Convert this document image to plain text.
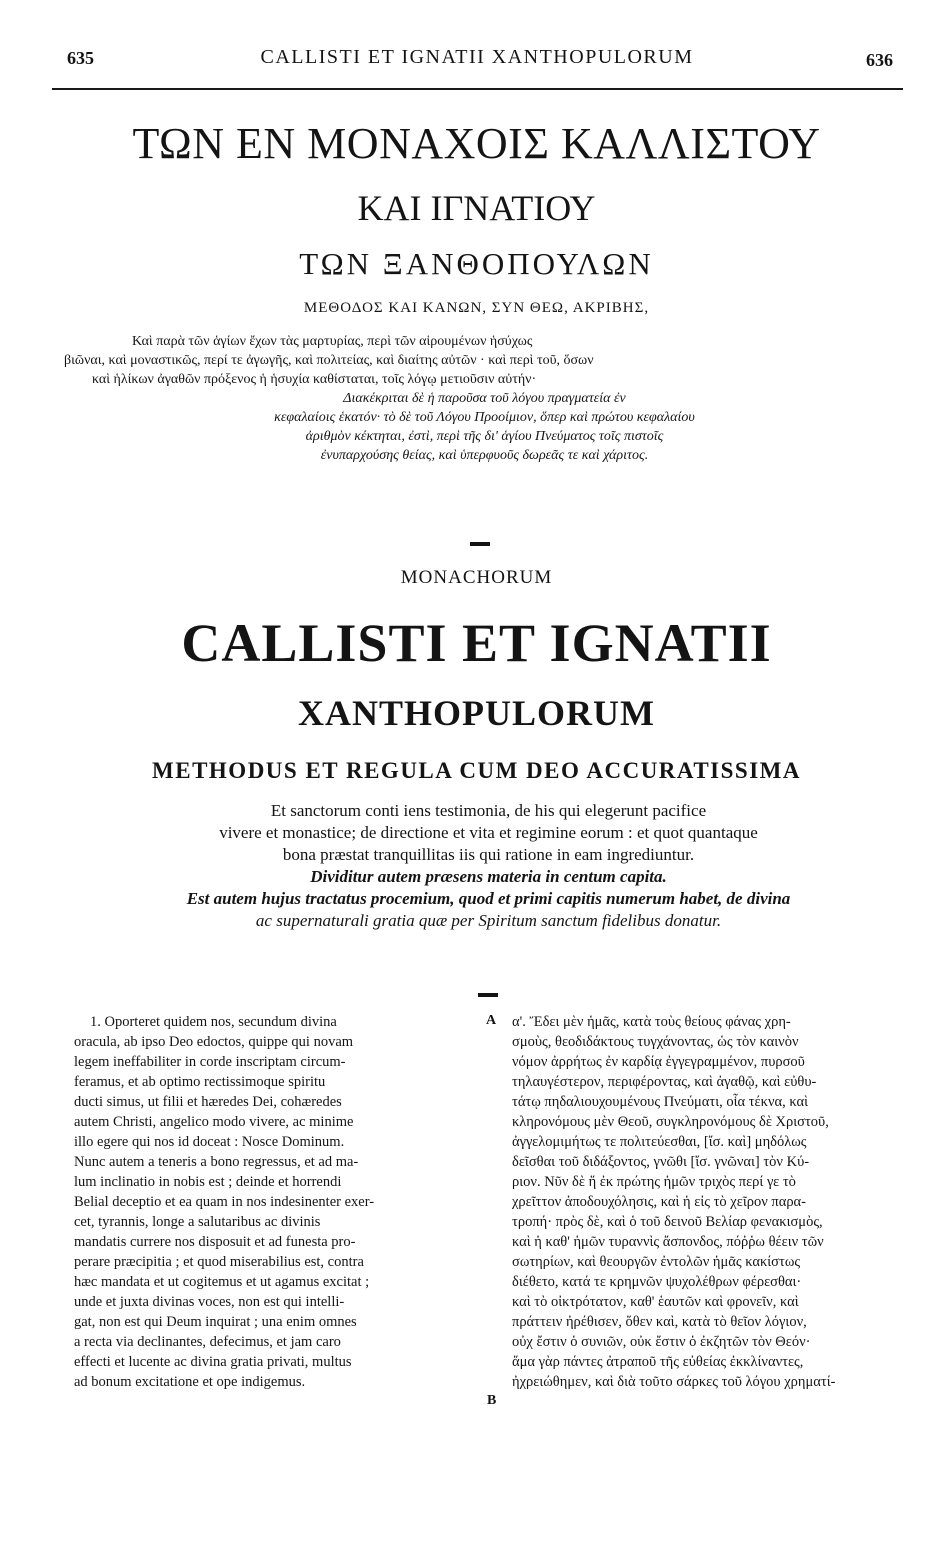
635	CALLISTI ET IGNATII XANTHOPULORUM	636
ΤΩΝ ΕΝ ΜΟΝΑΧΟΙΣ ΚΑΛΛΙΣΤΟΥ
ΚΑΙ ΙΓΝΑΤΙΟΥ
ΤΩΝ ΞΑΝΘΟΠΟΥΛΩΝ
ΜΕΘΟΔΟΣ ΚΑΙ ΚΑΝΩΝ, ΣΥΝ ΘΕΩ, ΑΚΡΙΒΗΣ,
Καὶ παρὰ τῶν ἁγίων ἔχων τὰς μαρτυρίας, περὶ τῶν αἱρουμένων ἡσύχως
βιῶναι, καὶ μοναστικῶς, περί τε ἀγωγῆς, καὶ πολιτείας, καὶ διαίτης αὐτῶν · καὶ περὶ τοῦ, ὅσων
καὶ ἡλίκων ἀγαθῶν πρόξενος ἡ ἡσυχία καθίσταται, τοῖς λόγῳ μετιοῦσιν αὐτήν·
Διακέκριται δὲ ἡ παροῦσα τοῦ λόγου πραγματεία ἐν
κεφαλαίοις ἑκατόν· τὸ δὲ τοῦ Λόγου Προοίμιον, ὅπερ καὶ πρώτου κεφαλαίου
ἀριθμὸν κέκτηται, ἐστὶ, περὶ τῆς δι' ἁγίου Πνεύματος τοῖς πιστοῖς
ἐνυπαρχούσης θείας, καὶ ὑπερφυοῦς δωρεᾶς τε καὶ χάριτος.
MONACHORUM
CALLISTI ET IGNATII
XANTHOPULORUM
METHODUS ET REGULA CUM DEO ACCURATISSIMA
Et sanctorum conti iens testimonia, de his qui elegerunt pacifice
vivere et monastice; de directione et vita et regimine eorum : et quot quantaque
bona præstat tranquillitas iis qui ratione in eam ingrediuntur.
Dividitur autem præsens materia in centum capita.
Est autem hujus tractatus procemium, quod et primi capitis numerum habet, de divina
ac supernaturali gratia quæ per Spiritum sanctum fidelibus donatur.
1. Oporteret quidem nos, secundum divina
oracula, ab ipso Deo edoctos, quippe qui novam
legem ineffabiliter in corde inscriptam circum-
feramus, et ab optimo rectissimoque spiritu
ducti simus, ut filii et hæredes Dei, cohæredes
autem Christi, angelico modo vivere, ac minime
illo egere qui nos id doceat : Nosce Dominum.
Nunc autem a teneris a bono regressus, et ad ma-
lum inclinatio in nobis est ; deinde et horrendi
Belial deceptio et ea quam in nos indesinenter exer-
cet, tyrannis, longe a salutaribus ac divinis
mandatis currere nos disposuit et ad funesta pro-
perare præcipitia ; et quod miserabilius est, contra
hæc mandata et ut cogitemus et ut agamus excitat ;
unde et juxta divinas voces, non est qui intelli-
gat, non est qui Deum inquirat ; una enim omnes
a recta via declinantes, defecimus, et jam caro
effecti et lucente ac divina gratia privati, multus
ad bonum excitatione et ope indigemus.
A
B
α'. Ἔδει μὲν ἡμᾶς, κατὰ τοὺς θείους φάνας χρη-
σμοὺς, θεοδιδάκτους τυγχάνοντας, ὡς τὸν καινὸν
νόμον ἀρρήτως ἐν καρδίᾳ ἐγγεγραμμένον, πυρσοῦ
τηλαυγέστερον, περιφέροντας, καὶ ἀγαθῷ, καὶ εὐθυ-
τάτῳ πηδαλιουχουμένους Πνεύματι, οἷα τέκνα, καὶ
κληρονόμους μὲν Θεοῦ, συγκληρονόμους δὲ Χριστοῦ,
ἀγγελομιμήτως τε πολιτεύεσθαι, [ἴσ. καὶ] μηδόλως
δεῖσθαι τοῦ διδάξοντος, γνῶθι [ἴσ. γνῶναι] τὸν Κύ-
ριον. Νῦν δὲ ἥ ἐκ πρώτης ἡμῶν τριχὸς περί γε τὸ
χρεῖττον ἀποδουχόλησις, καὶ ἡ εἰς τὸ χεῖρον παρα-
τροπή· πρὸς δὲ, καὶ ὁ τοῦ δεινοῦ Βελίαρ φενακισμὸς,
καὶ ἡ καθ' ἡμῶν τυραννὶς ἄσπονδος, πόῤῥω θέειν τῶν
σωτηρίων, καὶ θεουργῶν ἐντολῶν ἡμᾶς κακίστως
διέθετο, κατά τε κρημνῶν ψυχολέθρων φέρεσθαι·
καὶ τὸ οἰκτρότατον, καθ' ἑαυτῶν καὶ φρονεῖν, καὶ
πράττειν ἠρέθισεν, ὅθεν καὶ, κατὰ τὸ θεῖον λόγιον,
οὐχ ἔστιν ὁ συνιῶν, οὐκ ἔστιν ὁ ἐκζητῶν τὸν Θεόν·
ἅμα γὰρ πάντες ἀτραποῦ τῆς εὐθείας ἐκκλίναντες,
ἠχρειώθημεν, καὶ διὰ τοῦτο σάρκες τοῦ λόγου χρηματί-
